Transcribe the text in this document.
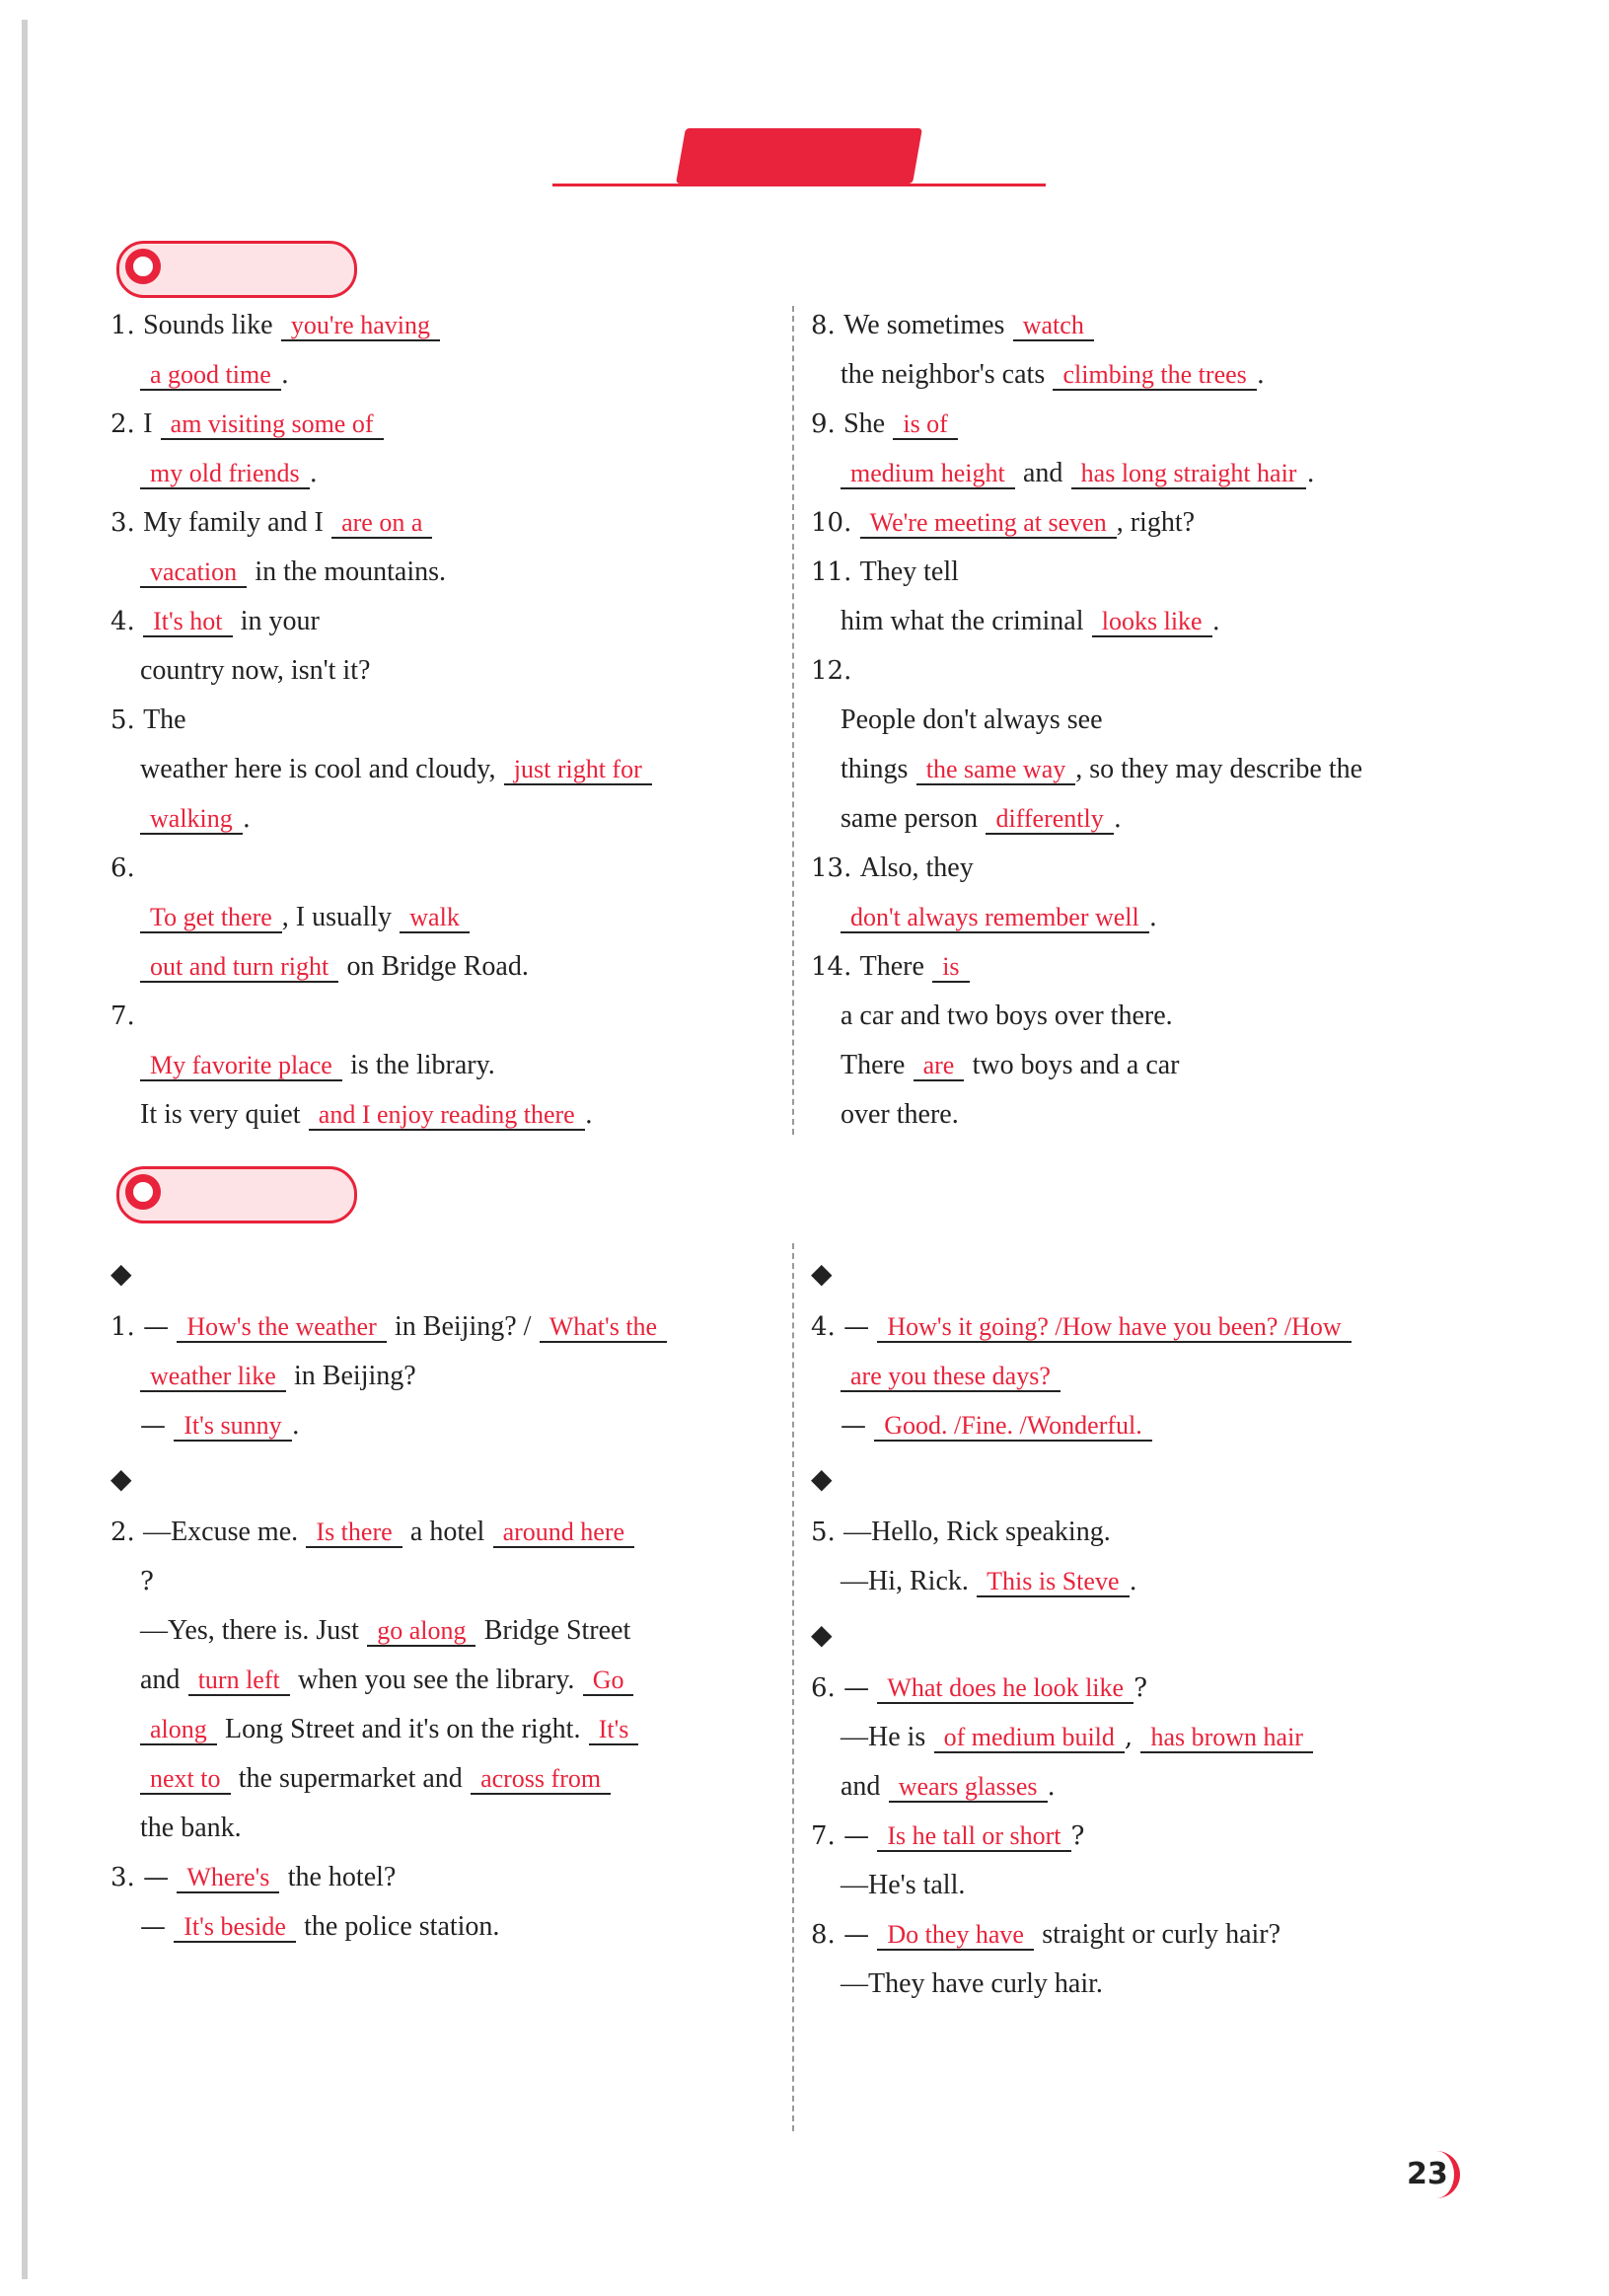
1. Sounds like you're having

a good time .

2. I am visiting some of

my old friends .

3. My family and I are on a

vacation in the mountains.

4. It's hot in your

country now, isn't it?

5. The

weather here is cool and cloudy, just right for

walking .

6.

To get there , I usually walk

out and turn right on Bridge Road.

7.

My favorite place is the library.

It is very quiet and I enjoy reading there .

8. We sometimes watch

the neighbor's cats climbing the trees .

9. She is of

medium height and has long straight hair .

10. We're meeting at seven , right?

11. They tell

him what the criminal looks like .

12.

People don't always see

things the same way , so they may describe the

same person differently .

13. Also, they

don't always remember well .

14. There is

a car and two boys over there.

There are two boys and a car

over there.

◆

1. — How's the weather in Beijing? / What's the

weather like in Beijing?

— It's sunny .

◆

2. —Excuse me. Is there a hotel around here

?

—Yes, there is. Just go along Bridge Street

and turn left when you see the library. Go

along Long Street and it's on the right. It's

next to the supermarket and across from

the bank.

3. — Where's the hotel?

— It's beside the police station.

◆

4. — How's it going? /How have you been? /How

are you these days?

— Good. /Fine. /Wonderful.

◆

5. —Hello, Rick speaking.

—Hi, Rick. This is Steve .

◆

6. — What does he look like ?

—He is of medium build , has brown hair

and wears glasses .

7. — Is he tall or short ?

—He's tall.

8. — Do they have straight or curly hair?

—They have curly hair.

23
